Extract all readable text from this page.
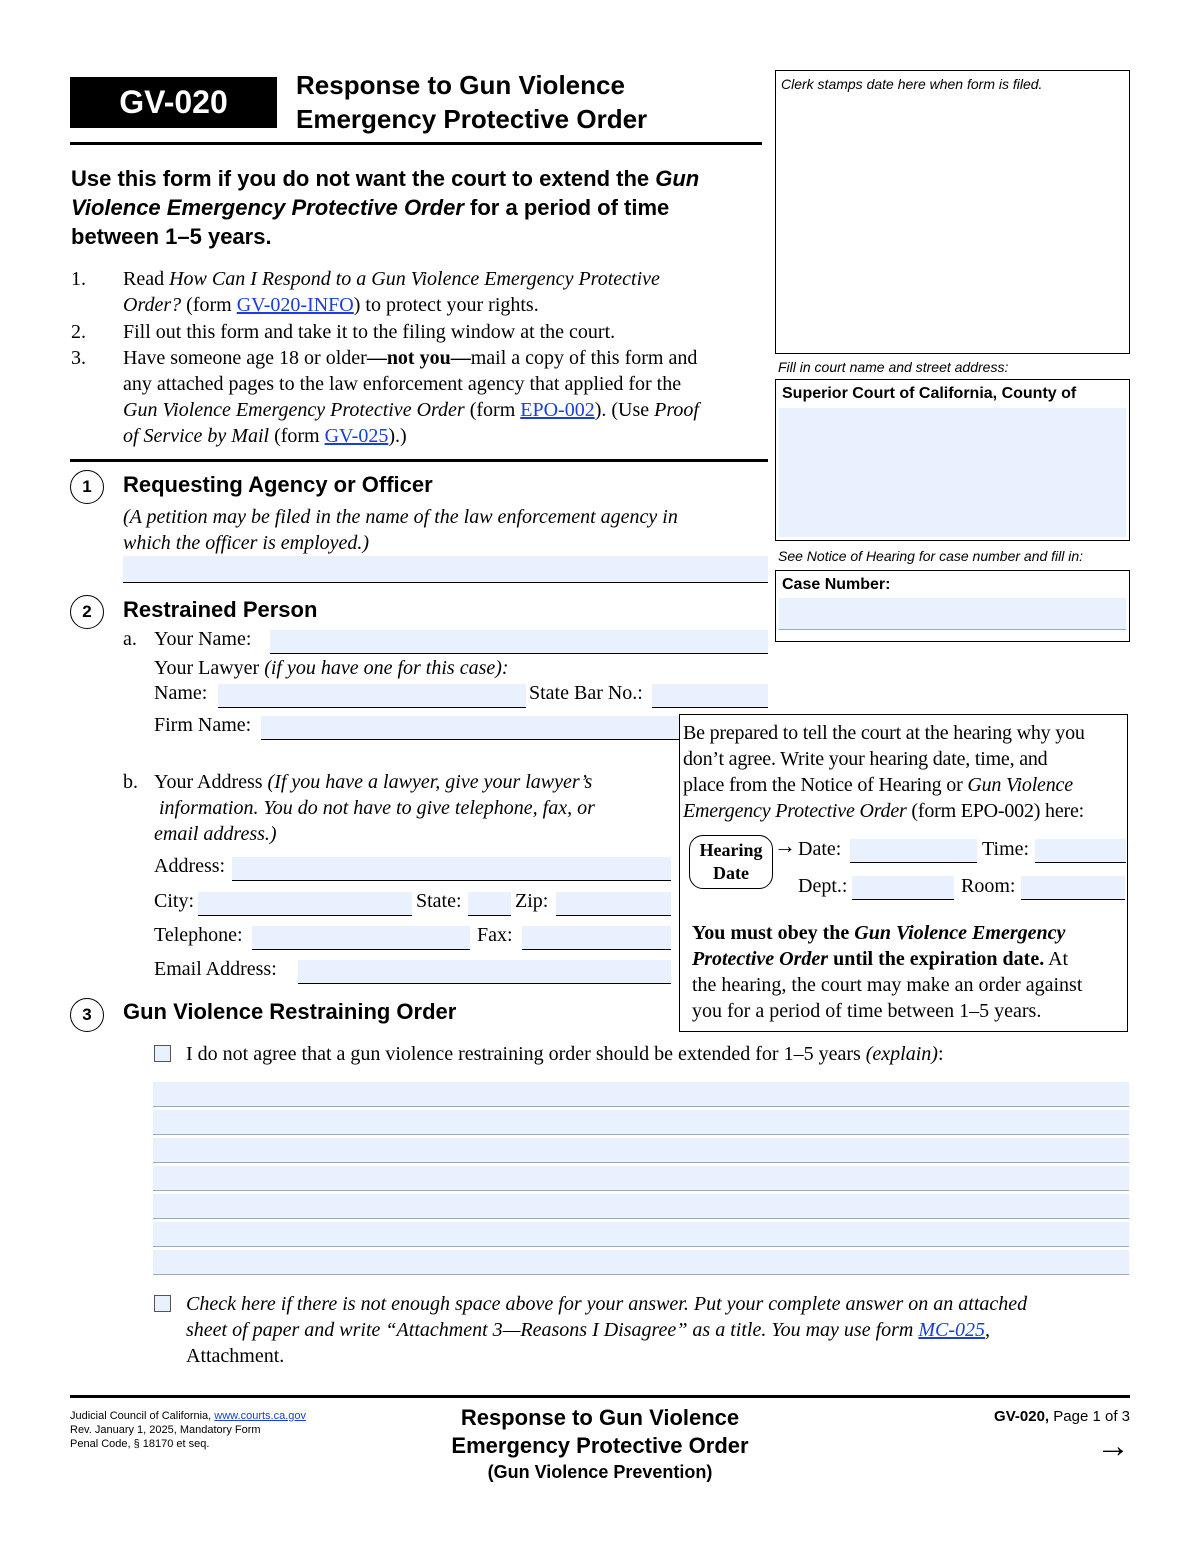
GV-020	Response to Gun Violence
Emergency Protective Order
Use this form if you do not want the court to extend the Gun
Violence Emergency Protective Order for a period of time
between 1–5 years.
1. Read How Can I Respond to a Gun Violence Emergency Protective
Order? (form GV-020-INFO) to protect your rights.
2. Fill out this form and take it to the filing window at the court.
3. Have someone age 18 or older—not you—mail a copy of this form and
any attached pages to the law enforcement agency that applied for the
Gun Violence Emergency Protective Order (form EPO-002). (Use Proof
of Service by Mail (form GV-025).)
Clerk stamps date here when form is filed.
Fill in court name and street address:
Superior Court of California, County of
See Notice of Hearing for case number and fill in:
Case Number:
1	Requesting Agency or Officer
(A petition may be filed in the name of the law enforcement agency in
which the officer is employed.)
2	Restrained Person
a. Your Name:
Your Lawyer (if you have one for this case):
Name:	State Bar No.:
Firm Name:
b. Your Address (If you have a lawyer, give your lawyer’s
information. You do not have to give telephone, fax, or
email address.)
Address:
City:	State:	Zip:
Telephone:	Fax:
Email Address:
Be prepared to tell the court at the hearing why you
don’t agree. Write your hearing date, time, and
place from the Notice of Hearing or Gun Violence
Emergency Protective Order (form EPO-002) here:
Hearing
Date
→ Date:	Time:
Dept.:	Room:
You must obey the Gun Violence Emergency
Protective Order until the expiration date. At
the hearing, the court may make an order against
you for a period of time between 1–5 years.
3	Gun Violence Restraining Order
I do not agree that a gun violence restraining order should be extended for 1–5 years (explain):
Check here if there is not enough space above for your answer. Put your complete answer on an attached
sheet of paper and write “Attachment 3—Reasons I Disagree” as a title. You may use form MC-025,
Attachment.
Judicial Council of California, www.courts.ca.gov
Rev. January 1, 2025, Mandatory Form
Penal Code, § 18170 et seq.
Response to Gun Violence
Emergency Protective Order
(Gun Violence Prevention)
GV-020, Page 1 of 3
→
